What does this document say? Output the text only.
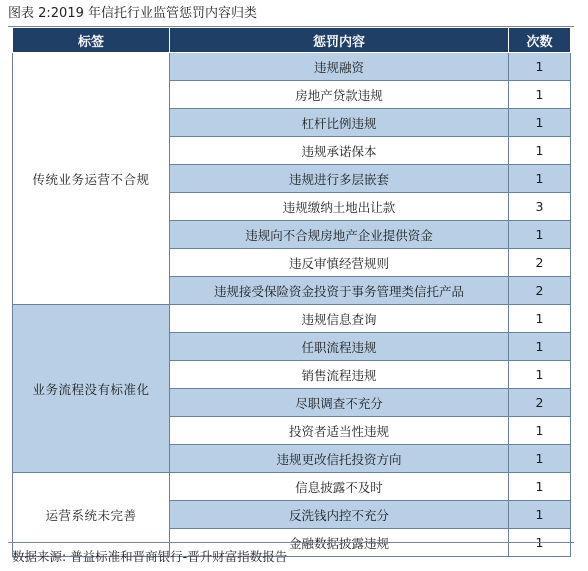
图表 2:2019 年信托行业监管惩罚内容归类
标签	惩罚内容	次数
传统业务运营不合规	违规融资	1
	房地产贷款违规	1
	杠杆比例违规	1
	违规承诺保本	1
	违规进行多层嵌套	1
	违规缴纳土地出让款	3
	违规向不合规房地产企业提供资金	1
	违反审慎经营规则	2
	违规接受保险资金投资于事务管理类信托产品	2
业务流程没有标准化	违规信息查询	1
	任职流程违规	1
	销售流程违规	1
	尽职调查不充分	2
	投资者适当性违规	1
	违规更改信托投资方向	1
运营系统未完善	信息披露不及时	1
	反洗钱内控不充分	1
	金融数据披露违规	1
数据来源: 普益标准和晋商银行-晋升财富指数报告
